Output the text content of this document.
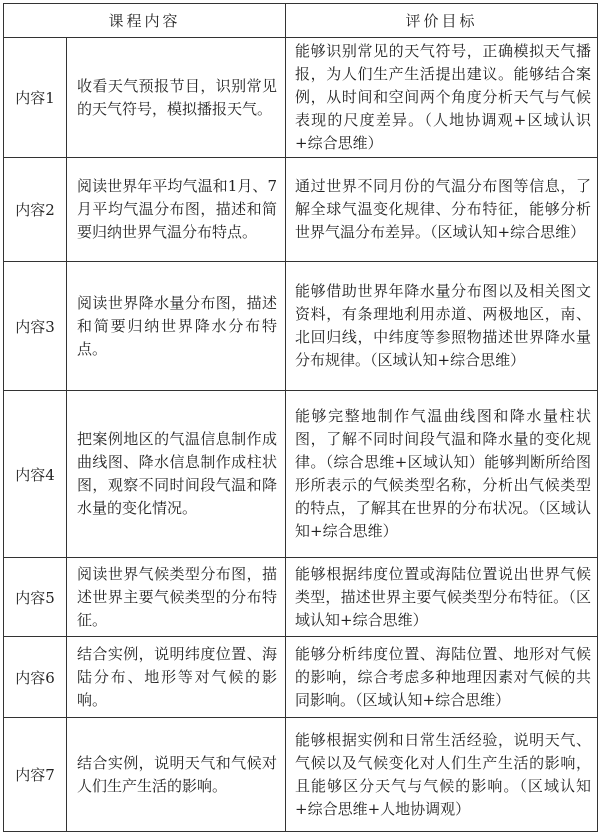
课程内容		评价目标
内容1	收看天气预报节目，识别常见的天气符号，模拟播报天气。	能够识别常见的天气符号，正确模拟天气播报，为人们生产生活提出建议。能够结合案例，从时间和空间两个角度分析天气与气候表现的尺度差异。（人地协调观+区域认识+综合思维）
内容2	阅读世界年平均气温和1月、7月平均气温分布图，描述和简要归纳世界气温分布特点。	通过世界不同月份的气温分布图等信息，了解全球气温变化规律、分布特征，能够分析世界气温分布差异。（区域认知+综合思维）
内容3	阅读世界降水量分布图，描述和简要归纳世界降水分布特点。	能够借助世界年降水量分布图以及相关图文资料，有条理地利用赤道、两极地区，南、北回归线，中纬度等参照物描述世界降水量分布规律。（区域认知+综合思维）
内容4	把案例地区的气温信息制作成曲线图、降水信息制作成柱状图，观察不同时间段气温和降水量的变化情况。	能够完整地制作气温曲线图和降水量柱状图，了解不同时间段气温和降水量的变化规律。（综合思维+区域认知）能够判断所给图形所表示的气候类型名称，分析出气候类型的特点，了解其在世界的分布状况。（区域认知+综合思维）
内容5	阅读世界气候类型分布图，描述世界主要气候类型的分布特征。	能够根据纬度位置或海陆位置说出世界气候类型，描述世界主要气候类型分布特征。（区域认知+综合思维）
内容6	结合实例，说明纬度位置、海陆分布、地形等对气候的影响。	能够分析纬度位置、海陆位置、地形对气候的影响，综合考虑多种地理因素对气候的共同影响。（区域认知+综合思维）
内容7	结合实例，说明天气和气候对人们生产生活的影响。	能够根据实例和日常生活经验，说明天气、气候以及气候变化对人们生产生活的影响，且能够区分天气与气候的影响。（区域认知+综合思维+人地协调观）
